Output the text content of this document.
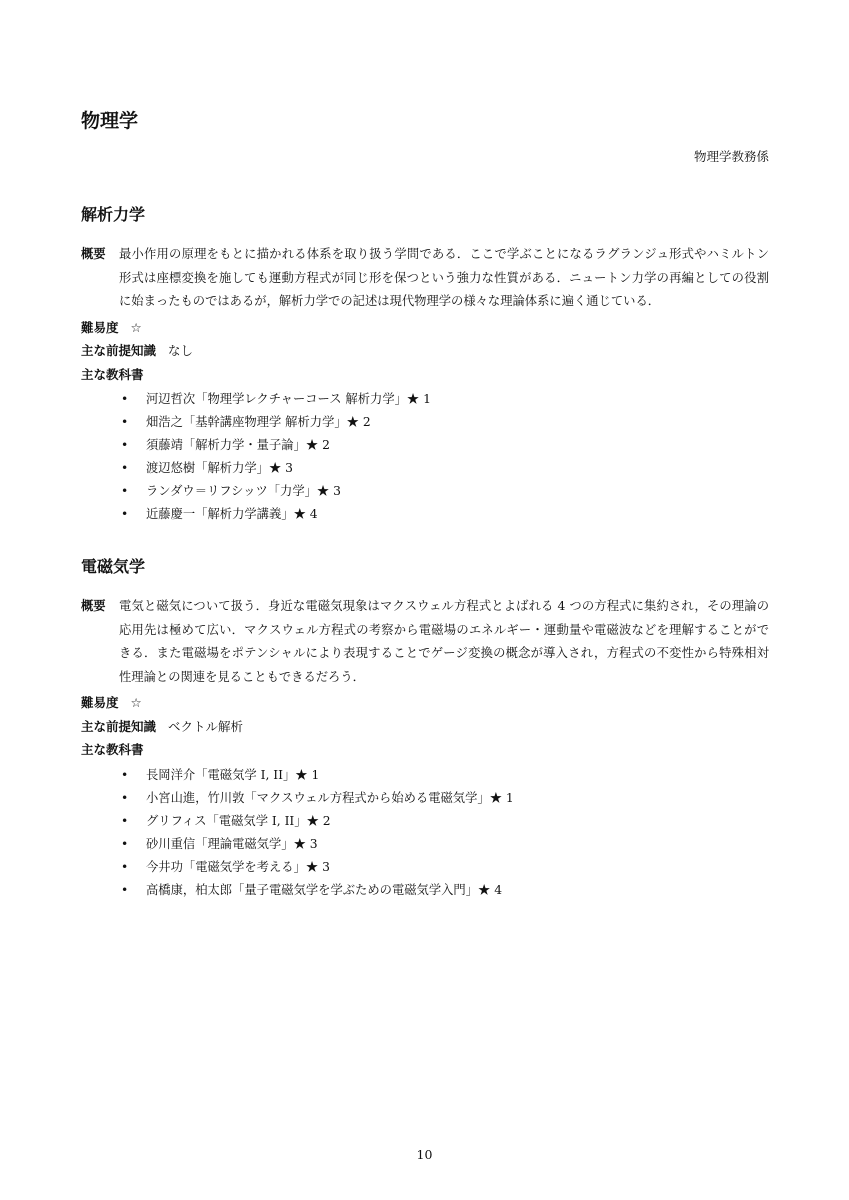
物理学
物理学教務係
解析力学
概要	最小作用の原理をもとに描かれる体系を取り扱う学問である．ここで学ぶことになるラグランジュ形式やハミルトン形式は座標変換を施しても運動方程式が同じ形を保つという強力な性質がある．ニュートン力学の再編としての役割に始まったものではあるが，解析力学での記述は現代物理学の様々な理論体系に遍く通じている．

難易度 ☆

主な前提知識 なし

主な教科書

• 河辺哲次「物理学レクチャーコース 解析力学」★ 1
• 畑浩之「基幹講座物理学 解析力学」★ 2
• 須藤靖「解析力学・量子論」★ 2
• 渡辺悠樹「解析力学」★ 3
• ランダウ＝リフシッツ「力学」★ 3
• 近藤慶一「解析力学講義」★ 4
電磁気学
概要	電気と磁気について扱う．身近な電磁気現象はマクスウェル方程式とよばれる 4 つの方程式に集約され，その理論の応用先は極めて広い．マクスウェル方程式の考察から電磁場のエネルギー・運動量や電磁波などを理解することができる．また電磁場をポテンシャルにより表現することでゲージ変換の概念が導入され，方程式の不変性から特殊相対性理論との関連を見ることもできるだろう．

難易度 ☆

主な前提知識 ベクトル解析

主な教科書

• 長岡洋介「電磁気学 I, II」★ 1
• 小宮山進，竹川敦「マクスウェル方程式から始める電磁気学」★ 1
• グリフィス「電磁気学 I, II」★ 2
• 砂川重信「理論電磁気学」★ 3
• 今井功「電磁気学を考える」★ 3
• 高橋康，柏太郎「量子電磁気学を学ぶための電磁気学入門」★ 4
10
